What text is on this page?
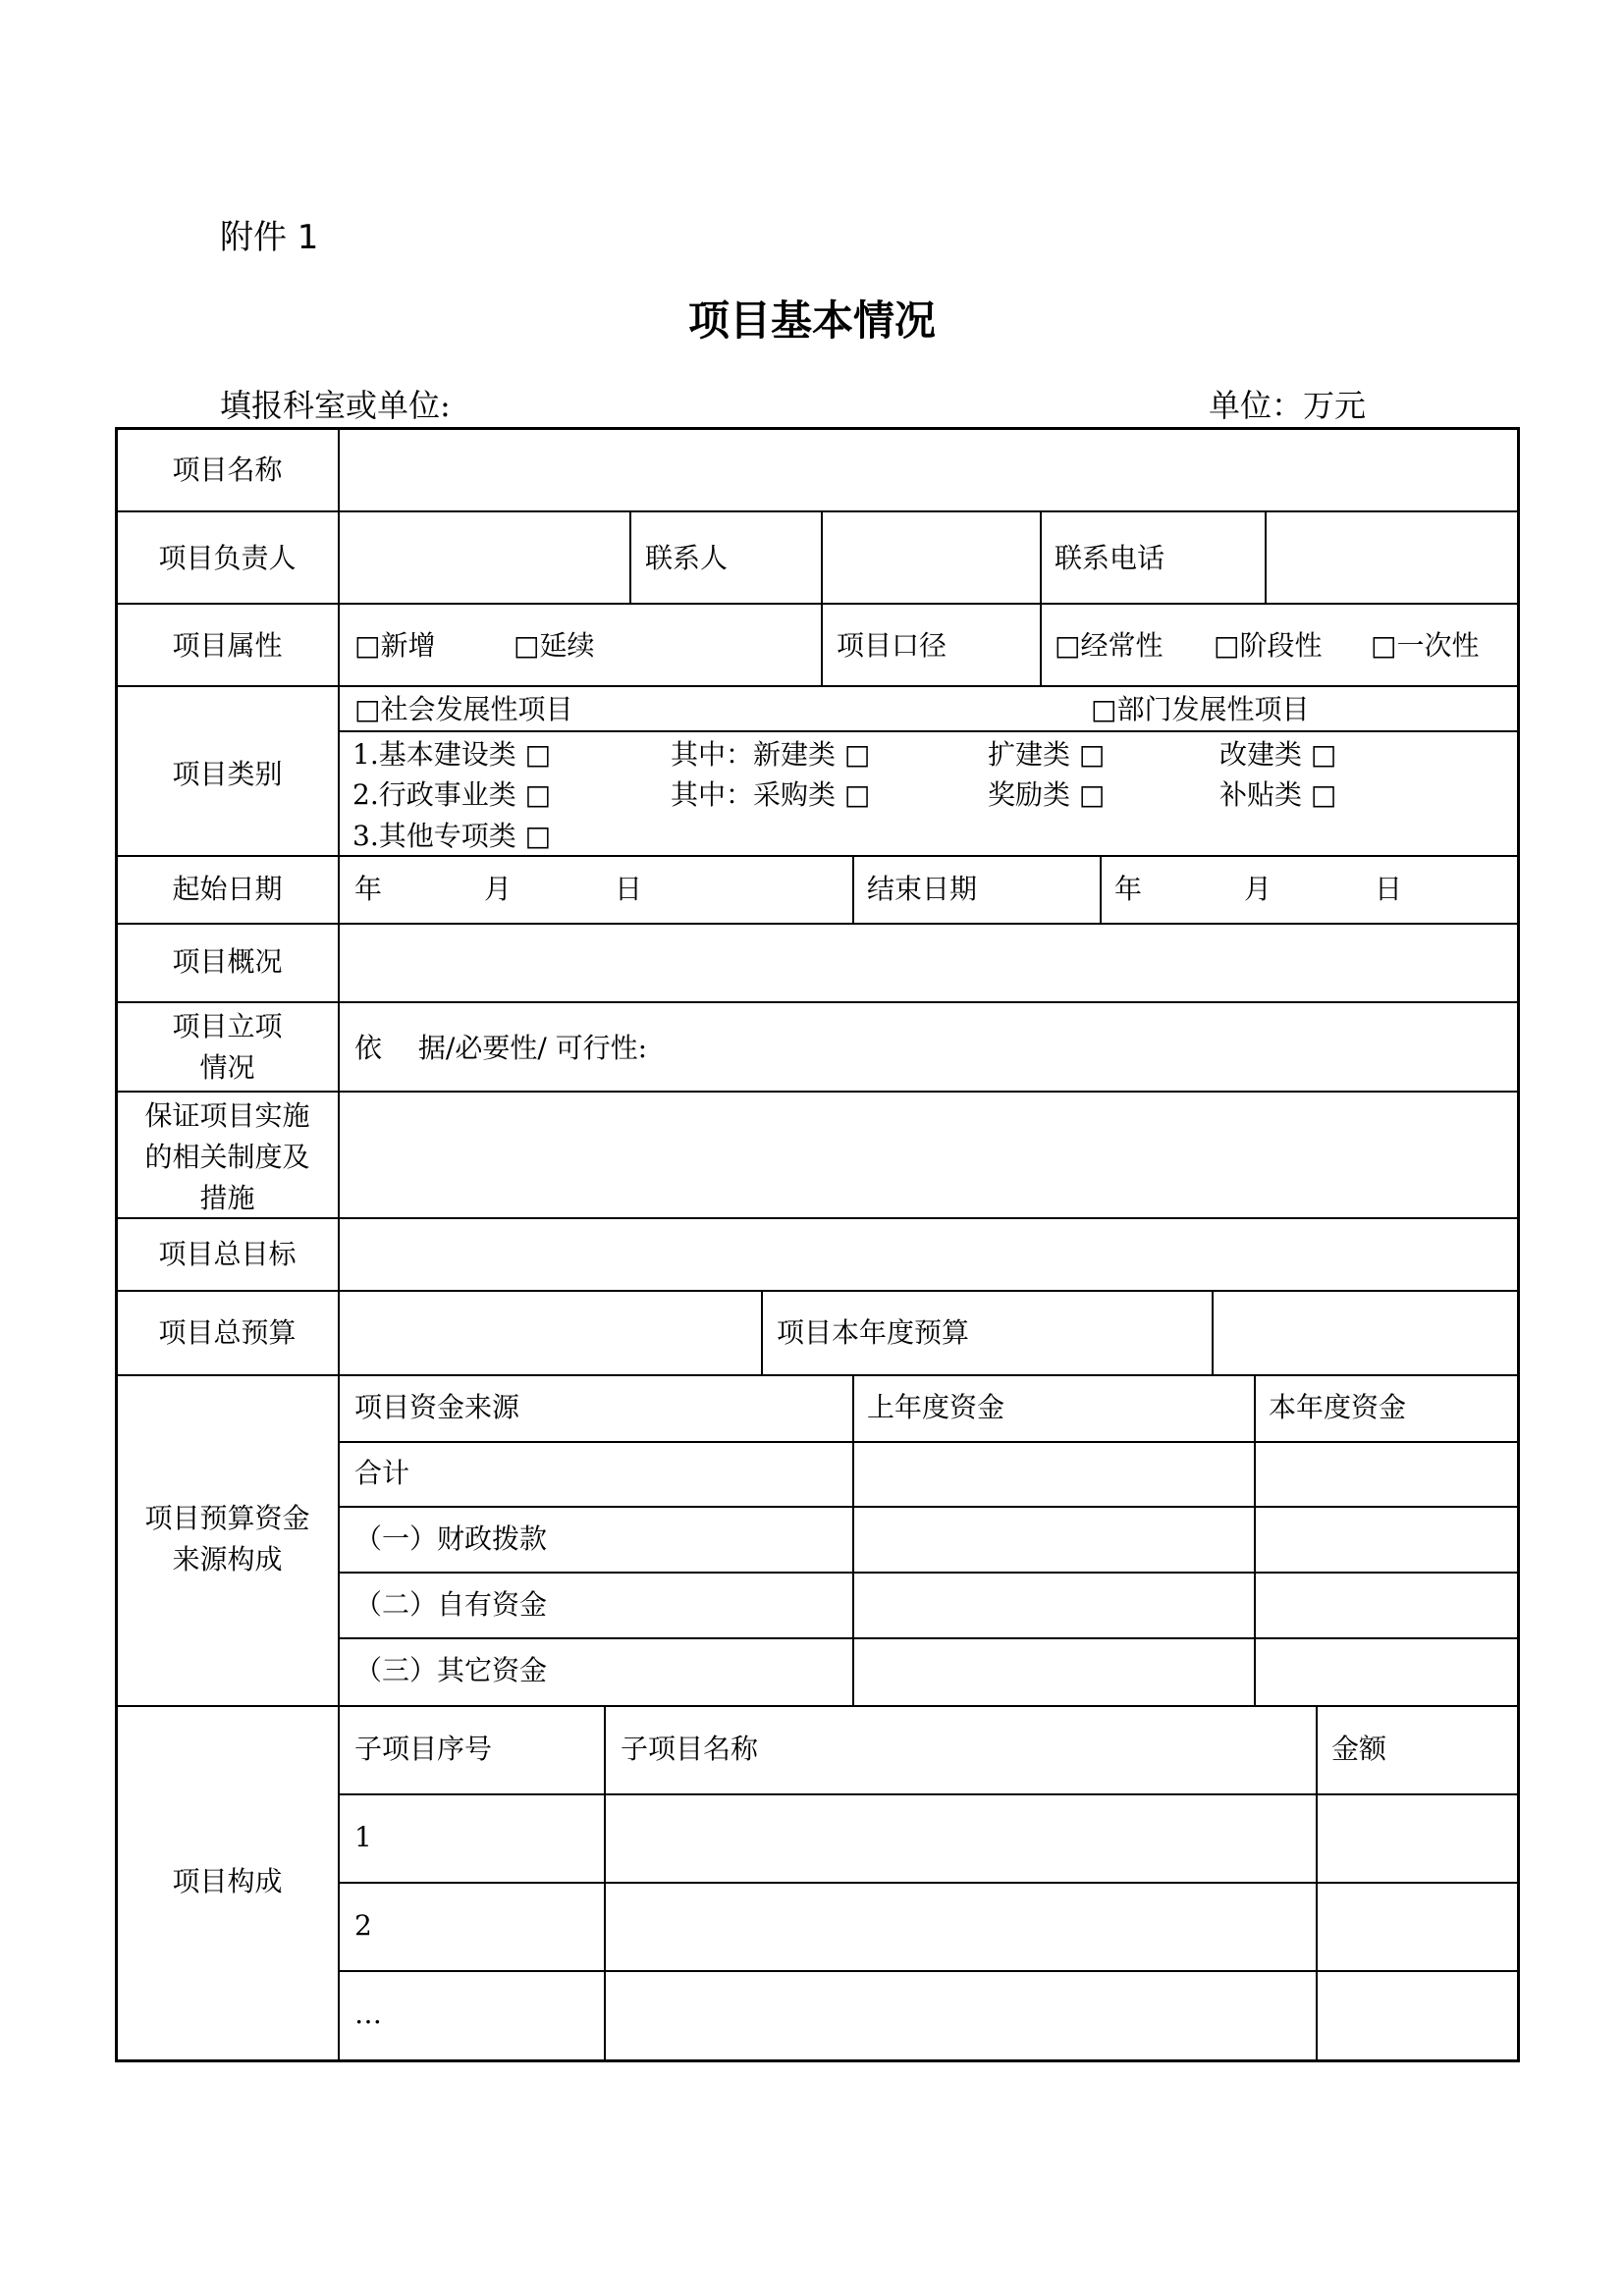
附件 1
项目基本情况
填报科室或单位:	单位：万元
项目名称
项目负责人	联系人	联系电话
项目属性	□新增	□延续	项目口径	□经常性 □阶段性 □一次性
项目类别
□社会发展性项目	□部门发展性项目
1.基本建设类 □	其中：新建类 □	扩建类 □	改建类 □
2.行政事业类 □	其中：采购类 □	奖励类 □	补贴类 □
3.其他专项类 □
起始日期	年	月	日	结束日期	年	月	日
项目概况
项目立项
情况
依　 据/必要性/ 可行性:
保证项目实施
的相关制度及
措施
项目总目标
项目总预算	项目本年度预算
项目预算资金
来源构成
项目资金来源	上年度资金	本年度资金
合计
（一）财政拨款
（二）自有资金
（三）其它资金
项目构成
子项目序号	子项目名称	金额
1
2
…
